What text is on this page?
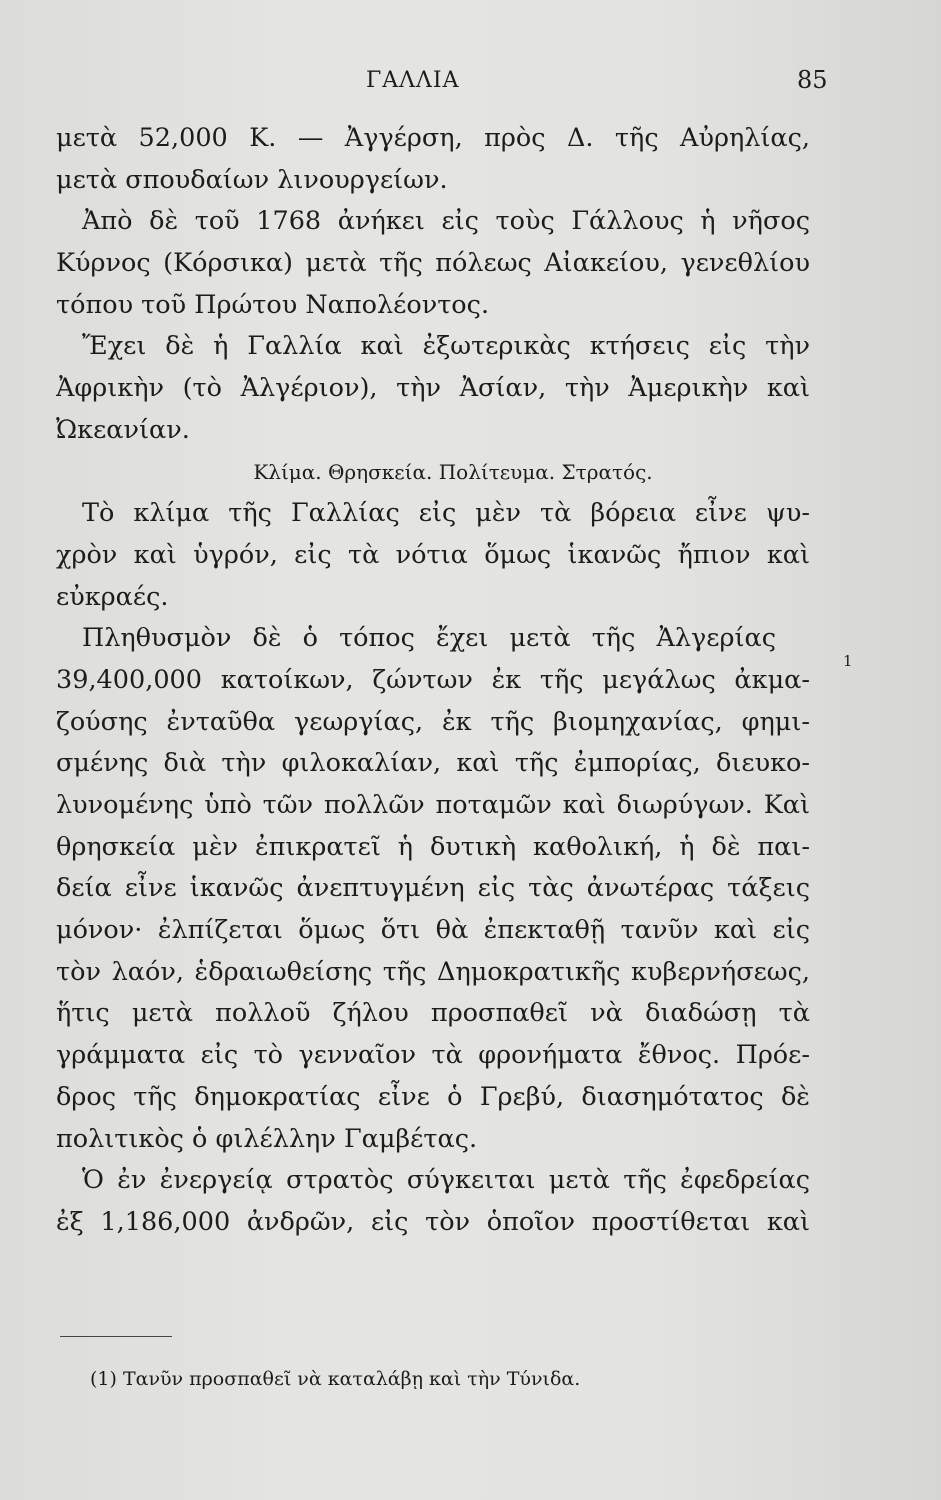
ΓΑΛΛΙΑ	85
μετὰ 52,000 Κ. — Ἀγγέρση, πρὸς Δ. τῆς Αὐρηλίας,
μετὰ σπουδαίων λινουργείων.
Ἀπὸ δὲ τοῦ 1768 ἀνήκει εἰς τοὺς Γάλλους ἡ νῆσος
Κύρνος (Κόρσικα) μετὰ τῆς πόλεως Αἰακείου, γενεθλίου
τόπου τοῦ Πρώτου Ναπολέοντος.
Ἔχει δὲ ἡ Γαλλία καὶ ἐξωτερικὰς κτήσεις εἰς τὴν
Ἀφρικὴν (τὸ Ἀλγέριον), τὴν Ἀσίαν, τὴν Ἀμερικὴν καὶ
Ὠκεανίαν.
Κλίμα. Θρησκεία. Πολίτευμα. Στρατός.
Τὸ κλίμα τῆς Γαλλίας εἰς μὲν τὰ βόρεια εἶνε ψυ-
χρὸν καὶ ὑγρόν, εἰς τὰ νότια ὅμως ἱκανῶς ἤπιον καὶ
εὐκραές.
Πληθυσμὸν δὲ ὁ τόπος ἔχει μετὰ τῆς Ἀλγερίας
39,400,000 κατοίκων, ζώντων ἐκ τῆς μεγάλως ἀκμα-
ζούσης ἐνταῦθα γεωργίας, ἐκ τῆς βιομηχανίας, φημι-
σμένης διὰ τὴν φιλοκαλίαν, καὶ τῆς ἐμπορίας, διευκο-
λυνομένης ὑπὸ τῶν πολλῶν ποταμῶν καὶ διωρύγων. Καὶ
θρησκεία μὲν ἐπικρατεῖ ἡ δυτικὴ καθολική, ἡ δὲ παι-
δεία εἶνε ἱκανῶς ἀνεπτυγμένη εἰς τὰς ἀνωτέρας τάξεις
μόνον· ἐλπίζεται ὅμως ὅτι θὰ ἐπεκταθῇ τανῦν καὶ εἰς
τὸν λαόν, ἑδραιωθείσης τῆς Δημοκρατικῆς κυβερνήσεως,
ἥτις μετὰ πολλοῦ ζήλου προσπαθεῖ νὰ διαδώσῃ τὰ
γράμματα εἰς τὸ γενναῖον τὰ φρονήματα ἔθνος. Πρόε-
δρος τῆς δημοκρατίας εἶνε ὁ Γρεβύ, διασημότατος δὲ
πολιτικὸς ὁ φιλέλλην Γαμβέτας.
Ὁ ἐν ἐνεργείᾳ στρατὸς σύγκειται μετὰ τῆς ἐφεδρείας
ἐξ 1,186,000 ἀνδρῶν, εἰς τὸν ὁποῖον προστίθεται καὶ
1
(1) Τανῦν προσπαθεῖ νὰ καταλάβῃ καὶ τὴν Τύνιδα.
